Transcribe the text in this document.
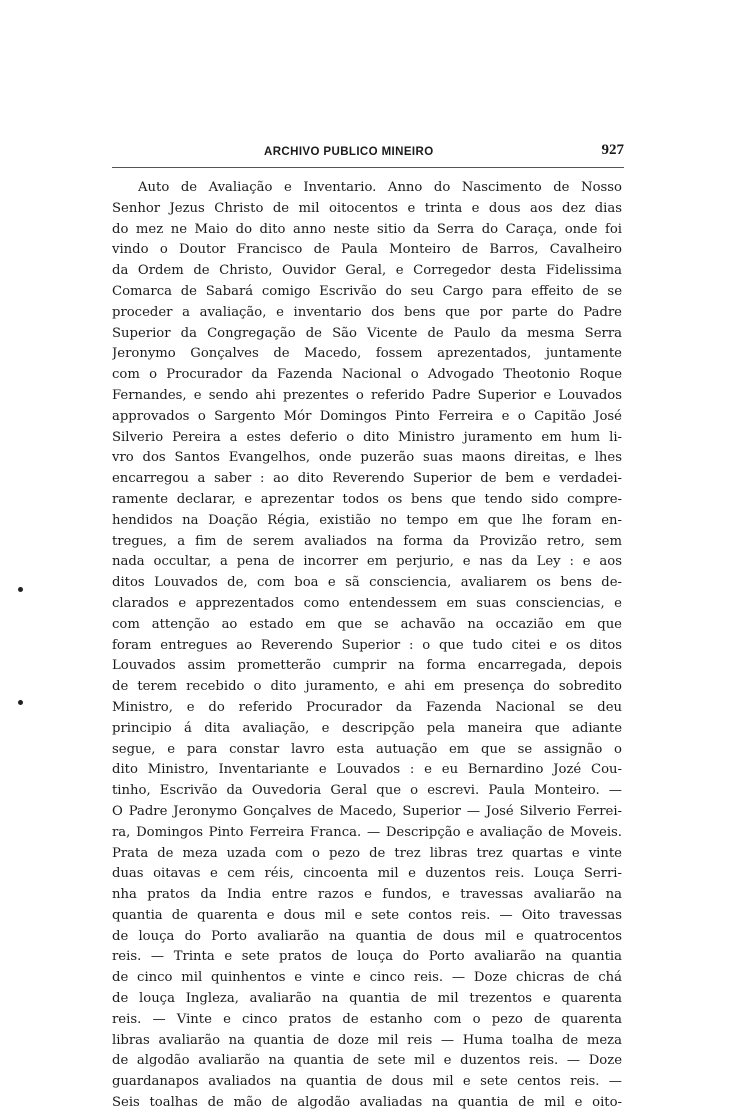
ARCHIVO PUBLICO MINEIRO	927
Auto de Avaliação e Inventario. Anno do Nascimento de Nosso
Senhor Jezus Christo de mil oitocentos e trinta e dous aos dez dias
do mez ne Maio do dito anno neste sitio da Serra do Caraça, onde foi
vindo o Doutor Francisco de Paula Monteiro de Barros, Cavalheiro
da Ordem de Christo, Ouvidor Geral, e Corregedor desta Fidelissima
Comarca de Sabará comigo Escrivão do seu Cargo para effeito de se
proceder a avaliação, e inventario dos bens que por parte do Padre
Superior da Congregação de São Vicente de Paulo da mesma Serra
Jeronymo Gonçalves de Macedo, fossem aprezentados, juntamente
com o Procurador da Fazenda Nacional o Advogado Theotonio Roque
Fernandes, e sendo ahi prezentes o referido Padre Superior e Louvados
approvados o Sargento Mór Domingos Pinto Ferreira e o Capitão José
Silverio Pereira a estes deferio o dito Ministro juramento em hum li-
vro dos Santos Evangelhos, onde puzerão suas maons direitas, e lhes
encarregou a saber : ao dito Reverendo Superior de bem e verdadei-
ramente declarar, e aprezentar todos os bens que tendo sido compre-
hendidos na Doação Régia, existião no tempo em que lhe foram en-
tregues, a fim de serem avaliados na forma da Provizão retro, sem
nada occultar, a pena de incorrer em perjurio, e nas da Ley : e aos
ditos Louvados de, com boa e sã consciencia, avaliarem os bens de-
clarados e apprezentados como entendessem em suas consciencias, e
com attenção ao estado em que se achavão na occazião em que
foram entregues ao Reverendo Superior : o que tudo citei e os ditos
Louvados assim prometterão cumprir na forma encarregada, depois
de terem recebido o dito juramento, e ahi em presença do sobredito
Ministro, e do referido Procurador da Fazenda Nacional se deu
principio á dita avaliação, e descripção pela maneira que adiante
segue, e para constar lavro esta autuação em que se assignão o
dito Ministro, Inventariante e Louvados : e eu Bernardino Jozé Cou-
tinho, Escrivão da Ouvedoria Geral que o escrevi. Paula Monteiro. —
O Padre Jeronymo Gonçalves de Macedo, Superior — José Silverio Ferrei-
ra, Domingos Pinto Ferreira Franca. — Descripção e avaliação de Moveis.
Prata de meza uzada com o pezo de trez libras trez quartas e vinte
duas oitavas e cem réis, cincoenta mil e duzentos reis. Louça Serri-
nha pratos da India entre razos e fundos, e travessas avaliarão na
quantia de quarenta e dous mil e sete contos reis. — Oito travessas
de louça do Porto avaliarão na quantia de dous mil e quatrocentos
reis. — Trinta e sete pratos de louça do Porto avaliarão na quantia
de cinco mil quinhentos e vinte e cinco reis. — Doze chicras de chá
de louça Ingleza, avaliarão na quantia de mil trezentos e quarenta
reis. — Vinte e cinco pratos de estanho com o pezo de quarenta
libras avaliarão na quantia de doze mil reis — Huma toalha de meza
de algodão avaliarão na quantia de sete mil e duzentos reis. — Doze
guardanapos avaliados na quantia de dous mil e sete centos reis. —
Seis toalhas de mão de algodão avaliadas na quantia de mil e oito-
